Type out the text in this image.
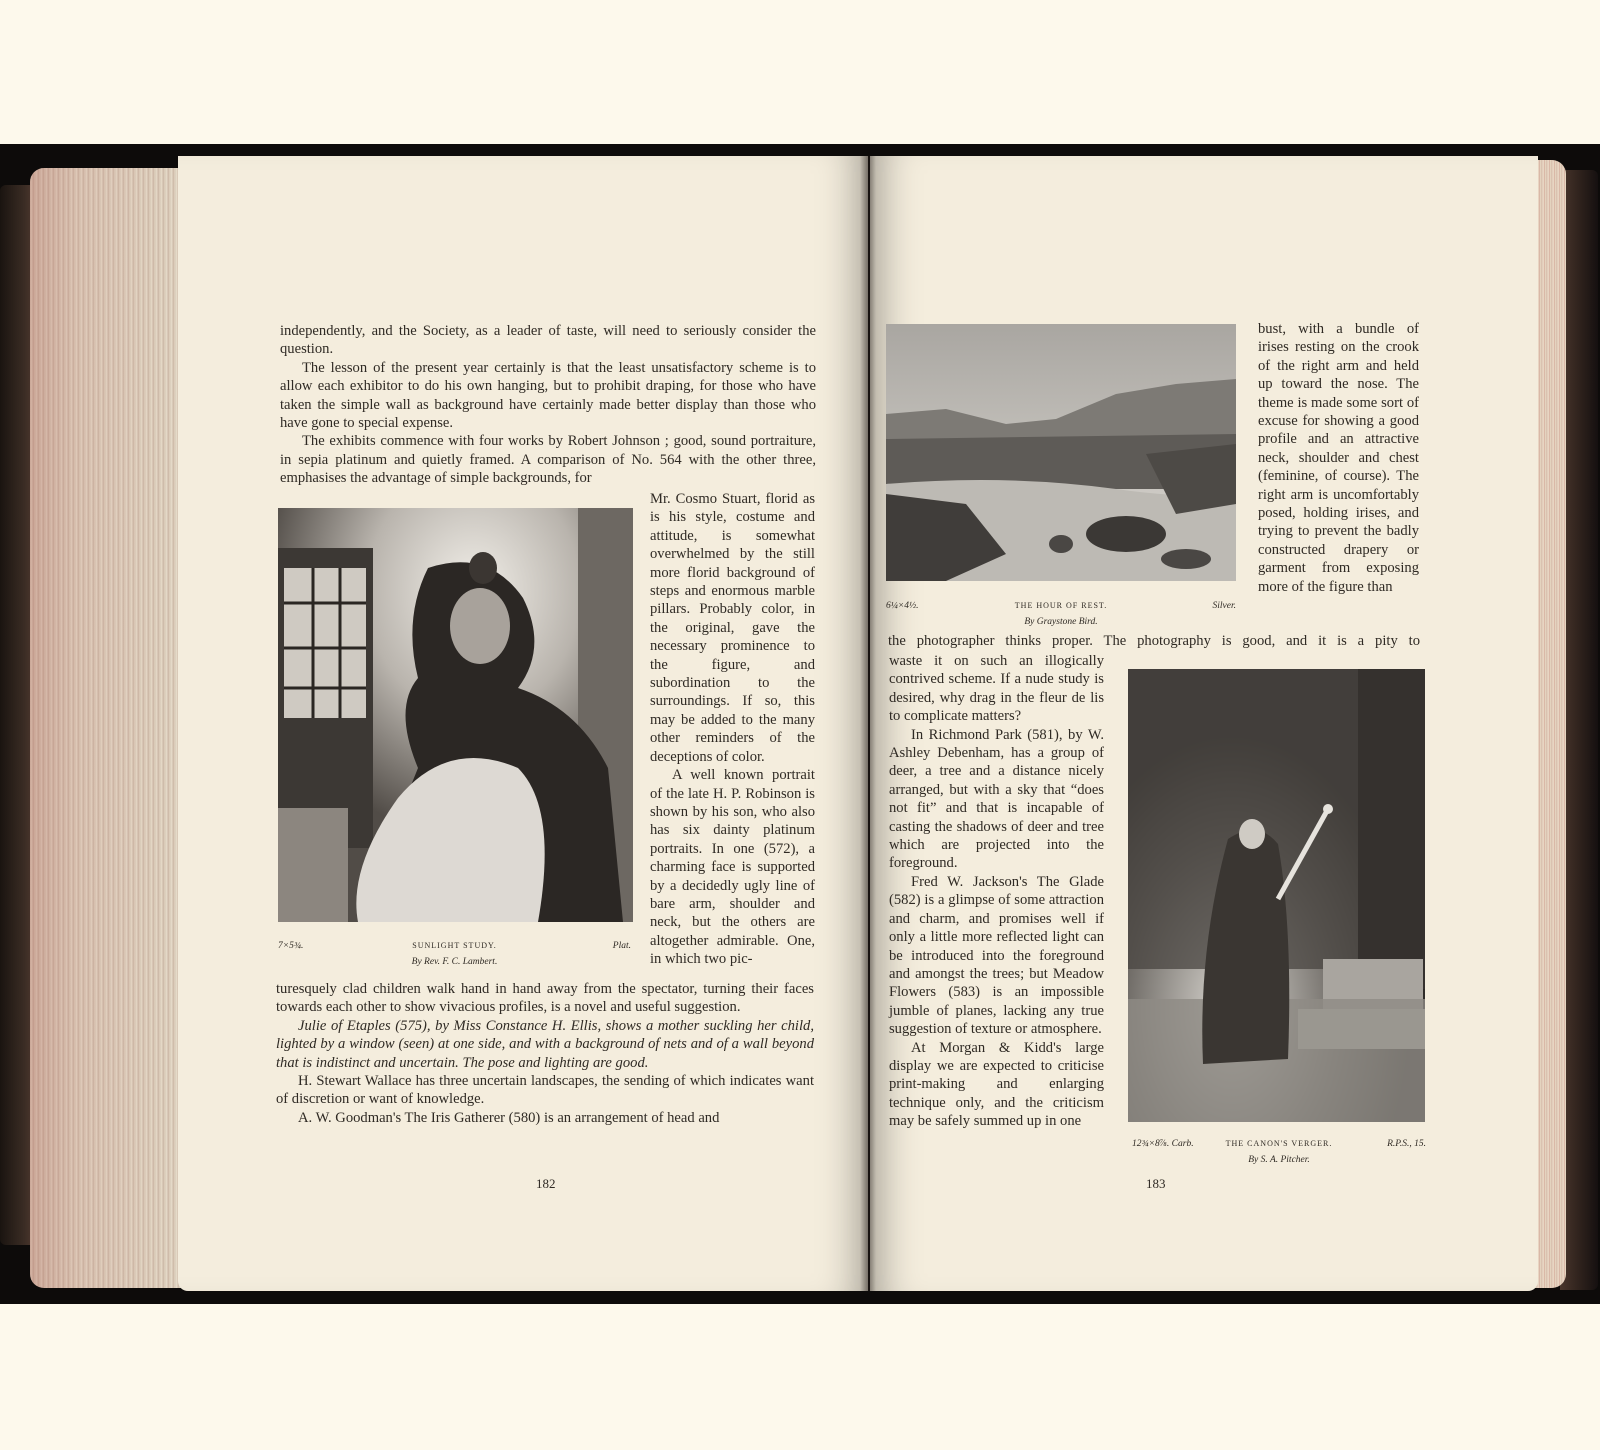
independently, and the Society, as a leader of taste, will need to seriously consider the question.

The lesson of the present year certainly is that the least unsatisfactory scheme is to allow each exhibitor to do his own hanging, but to prohibit draping, for those who have taken the simple wall as background have certainly made better display than those who have gone to special expense.

The exhibits commence with four works by Robert Johnson ; good, sound portraiture, in sepia platinum and quietly framed. A comparison of No. 564 with the other three, emphasises the advantage of simple backgrounds, for

7×5¾.	SUNLIGHT STUDY.	Plat.
By Rev. F. C. Lambert.

Mr. Cosmo Stuart, florid as is his style, costume and attitude, is somewhat overwhelmed by the still more florid background of steps and enormous marble pillars. Probably color, in the original, gave the necessary prominence to the figure, and subordination to the surroundings. If so, this may be added to the many other reminders of the deceptions of color.

A well known portrait of the late H. P. Robinson is shown by his son, who also has six dainty platinum portraits. In one (572), a charming face is supported by a decidedly ugly line of bare arm, shoulder and neck, but the others are altogether admirable. One, in which two pic-

turesquely clad children walk hand in hand away from the spectator, turning their faces towards each other to show vivacious profiles, is a novel and useful suggestion.

Julie of Etaples (575), by Miss Constance H. Ellis, shows a mother suckling her child, lighted by a window (seen) at one side, and with a background of nets and of a wall beyond that is indistinct and uncertain. The pose and lighting are good.

H. Stewart Wallace has three uncertain landscapes, the sending of which indicates want of discretion or want of knowledge.

A. W. Goodman's The Iris Gatherer (580) is an arrangement of head and

182
6¼×4½.	THE HOUR OF REST.	Silver.
By Graystone Bird.

bust, with a bundle of irises resting on the crook of the right arm and held up toward the nose. The theme is made some sort of excuse for showing a good profile and an attractive neck, shoulder and chest (feminine, of course). The right arm is uncomfortably posed, holding irises, and trying to prevent the badly constructed drapery or garment from exposing more of the figure than

the photographer thinks proper. The photography is good, and it is a pity to

waste it on such an illogically contrived scheme. If a nude study is desired, why drag in the fleur de lis to complicate matters?

In Richmond Park (581), by W. Ashley Debenham, has a group of deer, a tree and a distance nicely arranged, but with a sky that “does not fit” and that is incapable of casting the shadows of deer and tree which are projected into the foreground.

Fred W. Jackson's The Glade (582) is a glimpse of some attraction and charm, and promises well if only a little more reflected light can be introduced into the foreground and amongst the trees; but Meadow Flowers (583) is an impossible jumble of planes, lacking any true suggestion of texture or atmosphere.

At Morgan & Kidd's large display we are expected to criticise print-making and enlarging technique only, and the criticism may be safely summed up in one

12¾×8⅞. Carb.	THE CANON'S VERGER.	R.P.S., 15.
By S. A. Pitcher.
183
